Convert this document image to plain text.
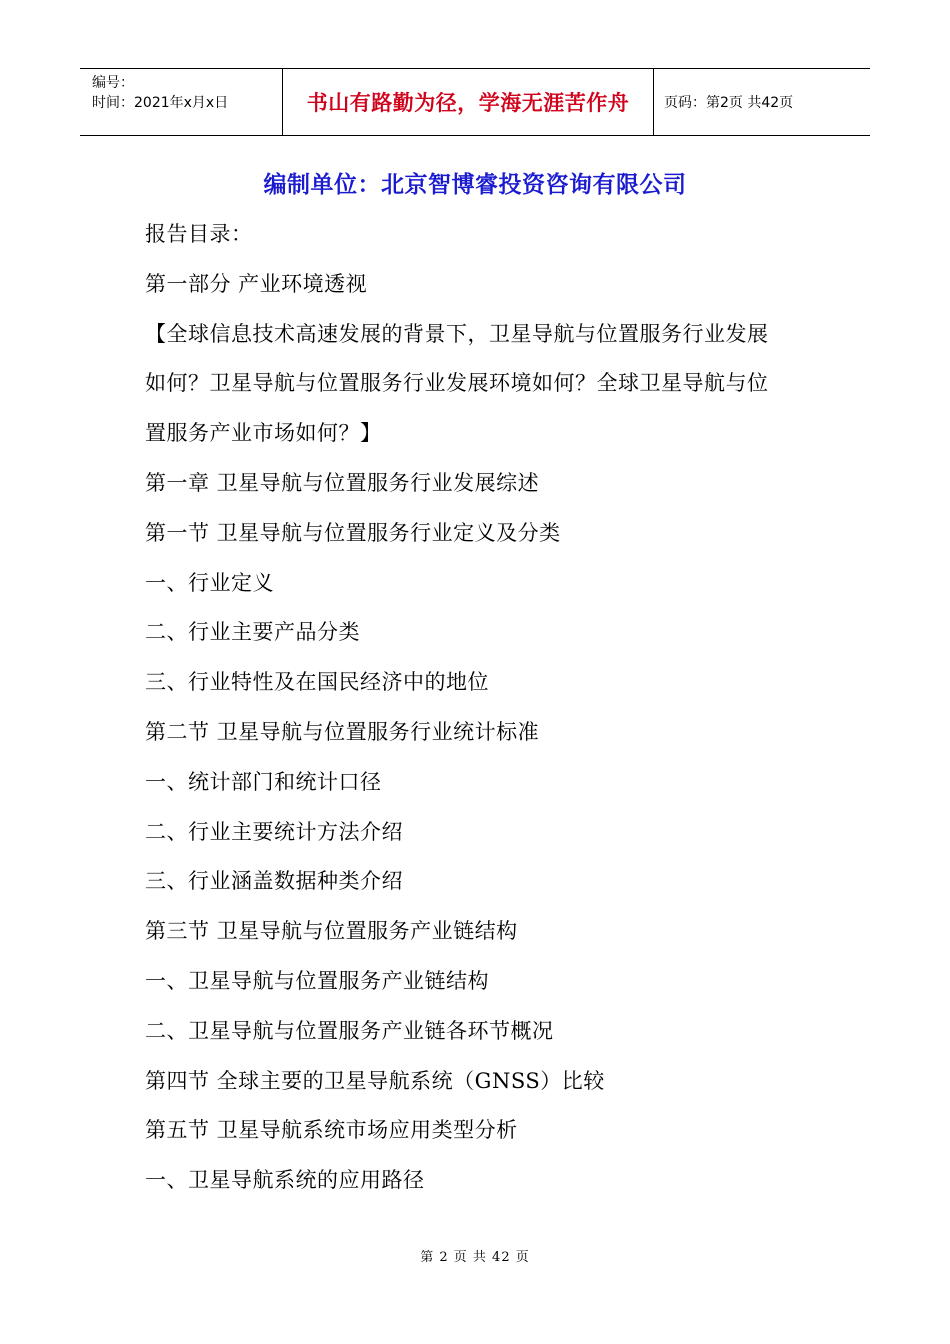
编号：
时间：2021年x月x日	书山有路勤为径，学海无涯苦作舟	页码：第2页 共42页
编制单位：北京智博睿投资咨询有限公司
报告目录：
第一部分 产业环境透视
【全球信息技术高速发展的背景下，卫星导航与位置服务行业发展
如何？卫星导航与位置服务行业发展环境如何？全球卫星导航与位
置服务产业市场如何？】
第一章 卫星导航与位置服务行业发展综述
第一节 卫星导航与位置服务行业定义及分类
一、行业定义
二、行业主要产品分类
三、行业特性及在国民经济中的地位
第二节 卫星导航与位置服务行业统计标准
一、统计部门和统计口径
二、行业主要统计方法介绍
三、行业涵盖数据种类介绍
第三节 卫星导航与位置服务产业链结构
一、卫星导航与位置服务产业链结构
二、卫星导航与位置服务产业链各环节概况
第四节 全球主要的卫星导航系统（GNSS）比较
第五节 卫星导航系统市场应用类型分析
一、卫星导航系统的应用路径
第 2 页 共 42 页
